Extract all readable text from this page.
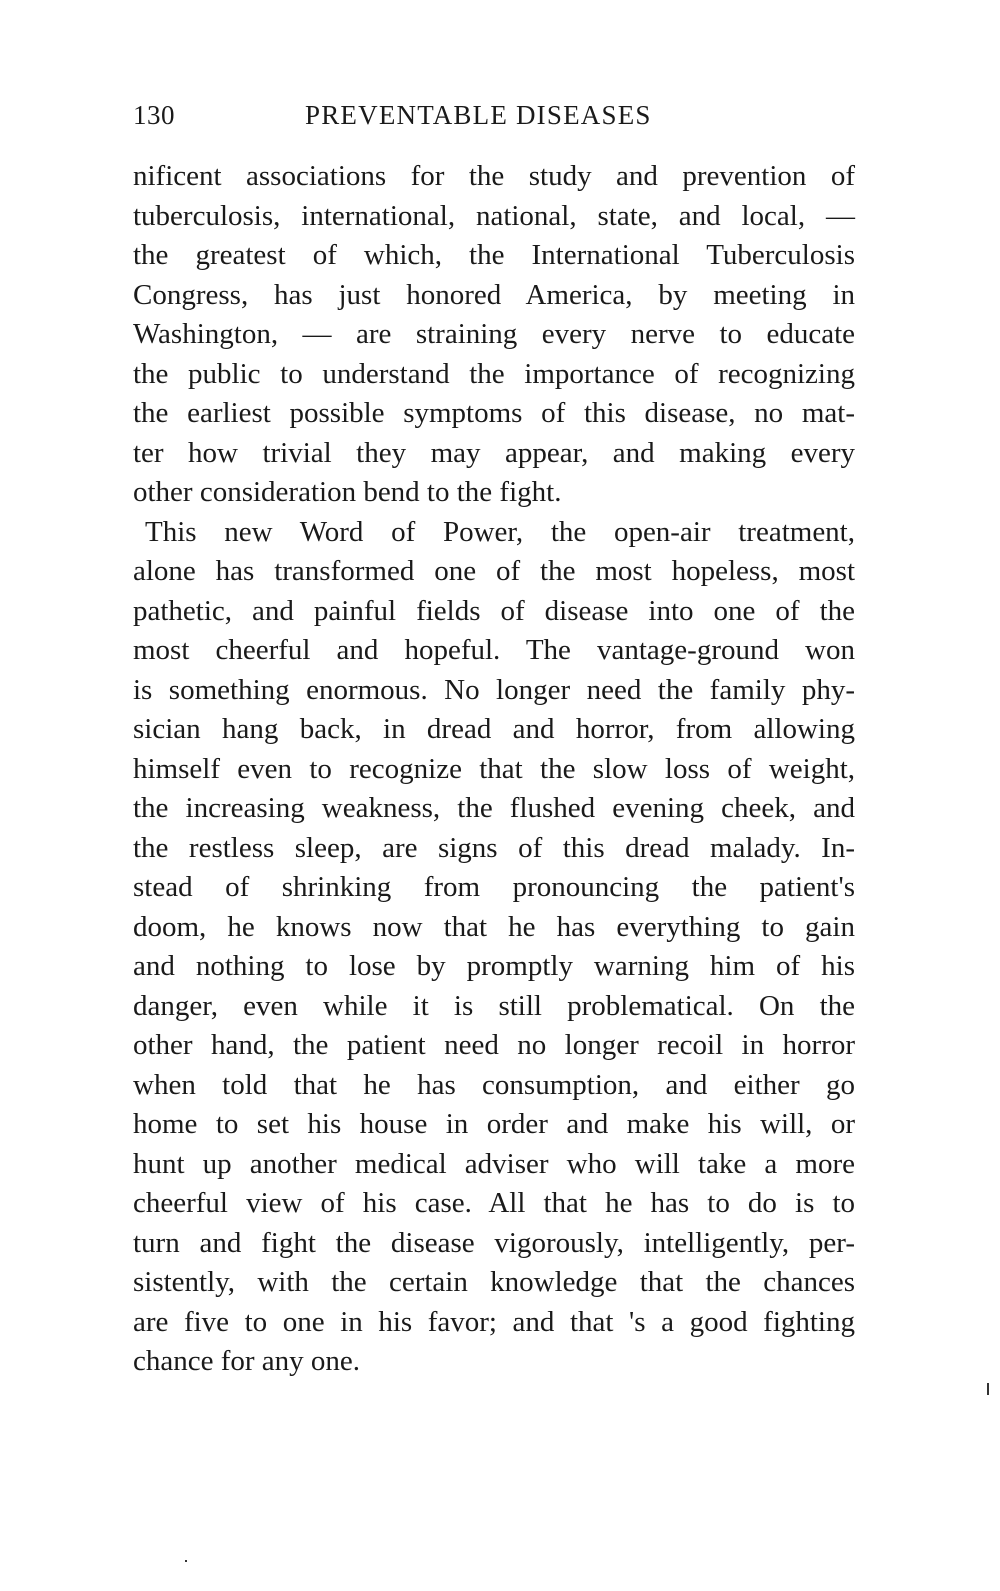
130	PREVENTABLE DISEASES
nificent associations for the study and prevention of
tuberculosis, international, national, state, and local, —
the greatest of which, the International Tuberculosis
Congress, has just honored America, by meeting in
Washington, — are straining every nerve to educate
the public to understand the importance of recognizing
the earliest possible symptoms of this disease, no mat-
ter how trivial they may appear, and making every
other consideration bend to the fight.
This new Word of Power, the open-air treatment,
alone has transformed one of the most hopeless, most
pathetic, and painful fields of disease into one of the
most cheerful and hopeful. The vantage-ground won
is something enormous. No longer need the family phy-
sician hang back, in dread and horror, from allowing
himself even to recognize that the slow loss of weight,
the increasing weakness, the flushed evening cheek, and
the restless sleep, are signs of this dread malady. In-
stead of shrinking from pronouncing the patient's
doom, he knows now that he has everything to gain
and nothing to lose by promptly warning him of his
danger, even while it is still problematical. On the
other hand, the patient need no longer recoil in horror
when told that he has consumption, and either go
home to set his house in order and make his will, or
hunt up another medical adviser who will take a more
cheerful view of his case. All that he has to do is to
turn and fight the disease vigorously, intelligently, per-
sistently, with the certain knowledge that the chances
are five to one in his favor; and that 's a good fighting
chance for any one.
